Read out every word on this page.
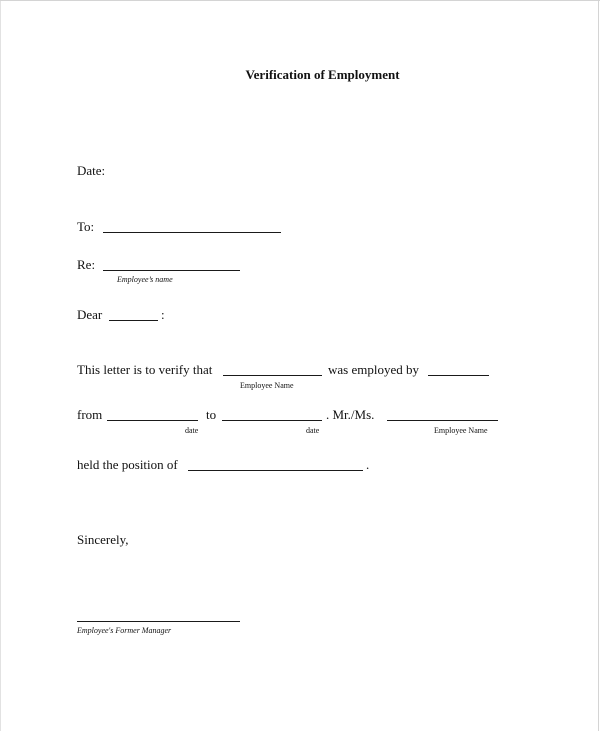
Verification of Employment
Date:
To:
Re:
Employee’s name
Dear	:
This letter is to verify that	was employed by
Employee Name
from	to	. Mr./Ms.
date	date	Employee Name
held the position of	.
Sincerely,
Employee's Former Manager
